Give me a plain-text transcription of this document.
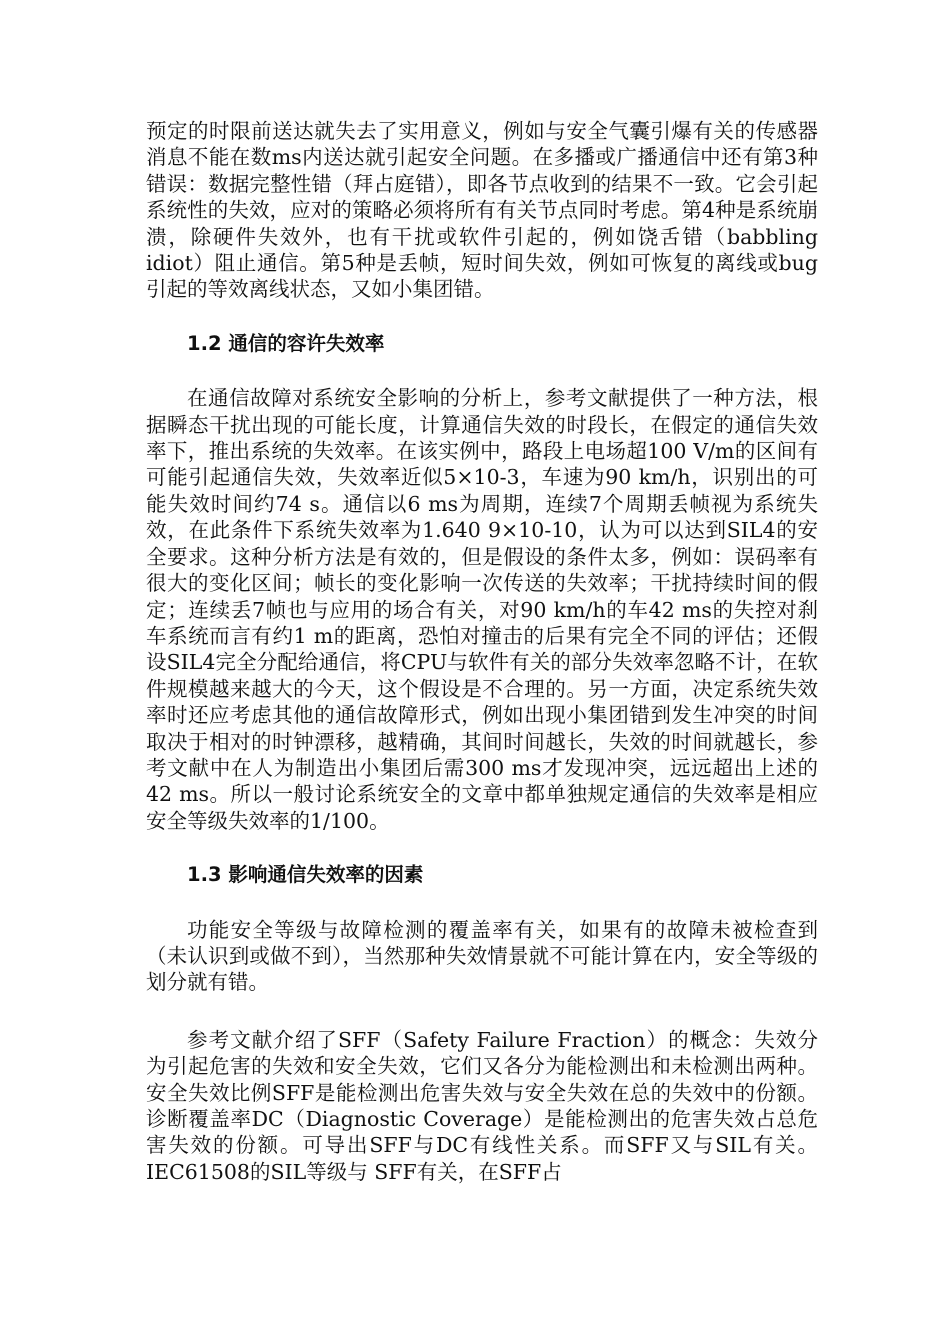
预定的时限前送达就失去了实用意义，例如与安全气囊引爆有关的传感器消息不能在数ms内送达就引起安全问题。在多播或广播通信中还有第3种错误：数据完整性错（拜占庭错），即各节点收到的结果不一致。它会引起系统性的失效，应对的策略必须将所有有关节点同时考虑。第4种是系统崩溃，除硬件失效外，也有干扰或软件引起的，例如饶舌错（babbling idiot）阻止通信。第5种是丢帧，短时间失效，例如可恢复的离线或bug引起的等效离线状态，又如小集团错。

1.2 通信的容许失效率

在通信故障对系统安全影响的分析上，参考文献提供了一种方法，根据瞬态干扰出现的可能长度，计算通信失效的时段长，在假定的通信失效率下，推出系统的失效率。在该实例中，路段上电场超100 V/m的区间有可能引起通信失效，失效率近似5×10-3，车速为90 km/h，识别出的可能失效时间约74 s。通信以6 ms为周期，连续7个周期丢帧视为系统失效，在此条件下系统失效率为1.640 9×10-10，认为可以达到SIL4的安全要求。这种分析方法是有效的，但是假设的条件太多，例如：误码率有很大的变化区间；帧长的变化影响一次传送的失效率；干扰持续时间的假定；连续丢7帧也与应用的场合有关，对90 km/h的车42 ms的失控对刹车系统而言有约1 m的距离，恐怕对撞击的后果有完全不同的评估；还假设SIL4完全分配给通信，将CPU与软件有关的部分失效率忽略不计，在软件规模越来越大的今天，这个假设是不合理的。另一方面，决定系统失效率时还应考虑其他的通信故障形式，例如出现小集团错到发生冲突的时间取决于相对的时钟漂移，越精确，其间时间越长，失效的时间就越长，参考文献中在人为制造出小集团后需300 ms才发现冲突，远远超出上述的42 ms。所以一般讨论系统安全的文章中都单独规定通信的失效率是相应安全等级失效率的1/100。

1.3 影响通信失效率的因素

功能安全等级与故障检测的覆盖率有关，如果有的故障未被检查到（未认识到或做不到），当然那种失效情景就不可能计算在内，安全等级的划分就有错。

参考文献介绍了SFF（Safety Failure Fraction）的概念：失效分为引起危害的失效和安全失效，它们又各分为能检测出和未检测出两种。安全失效比例SFF是能检测出危害失效与安全失效在总的失效中的份额。诊断覆盖率DC（Diagnostic Coverage）是能检测出的危害失效占总危害失效的份额。可导出SFF与DC有线性关系。而SFF又与SIL有关。IEC61508的SIL等级与 SFF有关，在SFF占
